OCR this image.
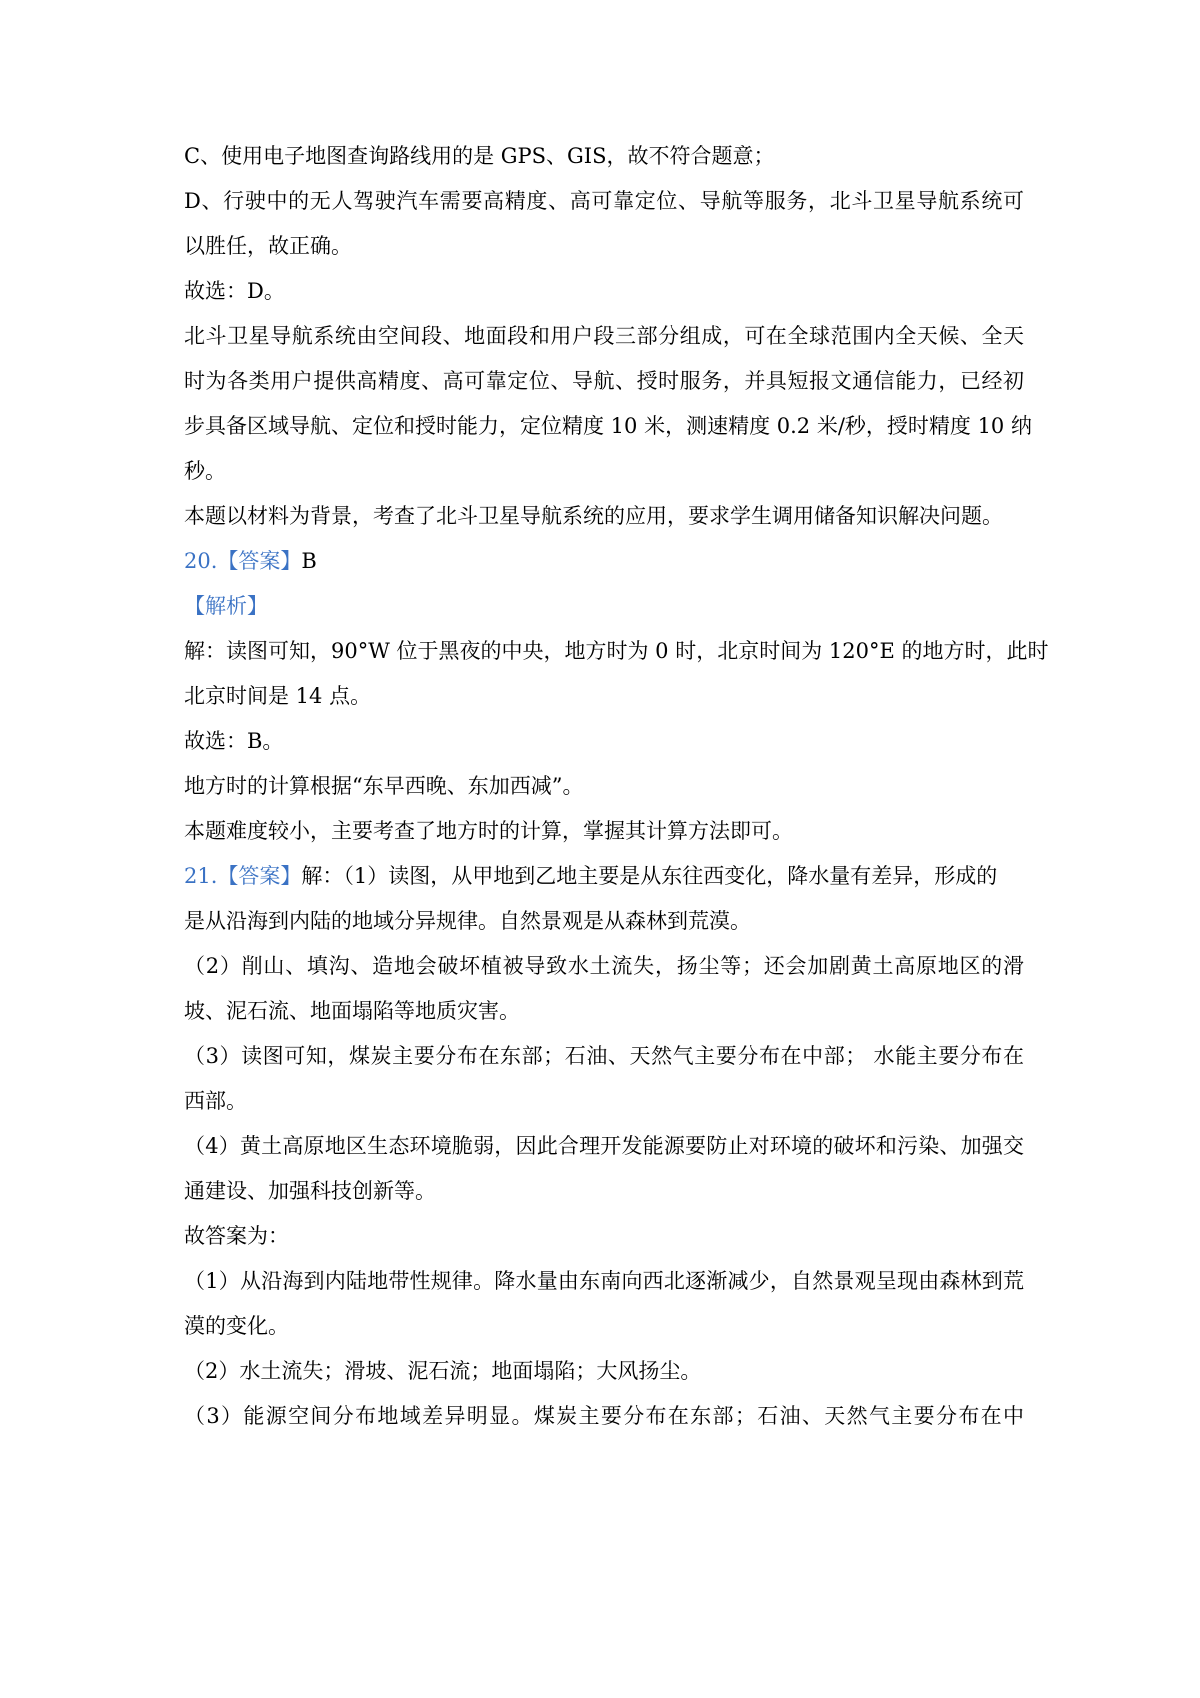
C、使用电子地图查询路线用的是 GPS、GIS，故不符合题意；
D、行驶中的无人驾驶汽车需要高精度、高可靠定位、导航等服务，北斗卫星导航系统可
以胜任，故正确。
故选：D。
北斗卫星导航系统由空间段、地面段和用户段三部分组成，可在全球范围内全天候、全天
时为各类用户提供高精度、高可靠定位、导航、授时服务，并具短报文通信能力，已经初
步具备区域导航、定位和授时能力，定位精度 10 米，测速精度 0.2 米/秒，授时精度 10 纳
秒。
本题以材料为背景，考查了北斗卫星导航系统的应用，要求学生调用储备知识解决问题。
20.【答案】B
【解析】
解：读图可知，90°W 位于黑夜的中央，地方时为 0 时，北京时间为 120°E 的地方时，此时
北京时间是 14 点。
故选：B。
地方时的计算根据“东早西晚、东加西减”。
本题难度较小，主要考查了地方时的计算，掌握其计算方法即可。
21.【答案】解：（1）读图，从甲地到乙地主要是从东往西变化，降水量有差异，形成的
是从沿海到内陆的地域分异规律。自然景观是从森林到荒漠。
（2）削山、填沟、造地会破坏植被导致水土流失，扬尘等；还会加剧黄土高原地区的滑
坡、泥石流、地面塌陷等地质灾害。
（3）读图可知，煤炭主要分布在东部；石油、天然气主要分布在中部； 水能主要分布在
西部。
（4）黄土高原地区生态环境脆弱，因此合理开发能源要防止对环境的破坏和污染、加强交
通建设、加强科技创新等。
故答案为：
（1）从沿海到内陆地带性规律。降水量由东南向西北逐渐减少，自然景观呈现由森林到荒
漠的变化。
（2）水土流失；滑坡、泥石流；地面塌陷；大风扬尘。
（3）能源空间分布地域差异明显。煤炭主要分布在东部；石油、天然气主要分布在中
